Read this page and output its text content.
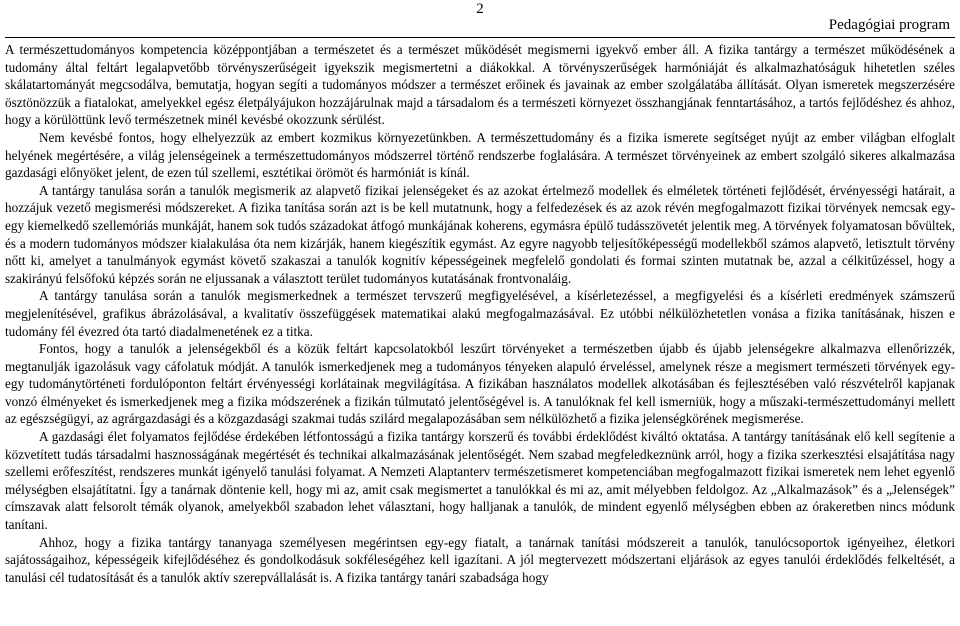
2
Pedagógiai program

A természettudományos kompetencia középpontjában a természetet és a természet működését megismerni igyekvő ember áll. A fizika tantárgy a természet működésének a tudomány által feltárt legalapvetőbb törvényszerűségeit igyekszik megismertetni a diákokkal. A törvényszerűségek harmóniáját és alkalmazhatóságuk hihetetlen széles skálatartományát megcsodálva, bemutatja, hogyan segíti a tudományos módszer a természet erőinek és javainak az ember szolgálatába állítását. Olyan ismeretek megszerzésére ösztönözzük a fiatalokat, amelyekkel egész életpályájukon hozzájárulnak majd a társadalom és a természeti környezet összhangjának fenntartásához, a tartós fejlődéshez és ahhoz, hogy a körülöttünk levő természetnek minél kevésbé okozzunk sérülést.

Nem kevésbé fontos, hogy elhelyezzük az embert kozmikus környezetünkben. A természettudomány és a fizika ismerete segítséget nyújt az ember világban elfoglalt helyének megértésére, a világ jelenségeinek a természettudományos módszerrel történő rendszerbe foglalására. A természet törvényeinek az embert szolgáló sikeres alkalmazása gazdasági előnyöket jelent, de ezen túl szellemi, esztétikai örömöt és harmóniát is kínál.

A tantárgy tanulása során a tanulók megismerik az alapvető fizikai jelenségeket és az azokat értelmező modellek és elméletek történeti fejlődését, érvényességi határait, a hozzájuk vezető megismerési módszereket. A fizika tanítása során azt is be kell mutatnunk, hogy a felfedezések és az azok révén megfogalmazott fizikai törvények nemcsak egy-egy kiemelkedő szellemóriás munkáját, hanem sok tudós századokat átfogó munkájának koherens, egymásra épülő tudásszövetét jelentik meg. A törvények folyamatosan bővültek, és a modern tudományos módszer kialakulása óta nem kizárják, hanem kiegészítik egymást. Az egyre nagyobb teljesítőképességű modellekből számos alapvető, letisztult törvény nőtt ki, amelyet a tanulmányok egymást követő szakaszai a tanulók kognitív képességeinek megfelelő gondolati és formai szinten mutatnak be, azzal a célkitűzéssel, hogy a szakirányú felsőfokú képzés során ne eljussanak a választott terület tudományos kutatásának frontvonaláig.

A tantárgy tanulása során a tanulók megismerkednek a természet tervszerű megfigyelésével, a kísérletezéssel, a megfigyelési és a kísérleti eredmények számszerű megjelenítésével, grafikus ábrázolásával, a kvalitatív összefüggések matematikai alakú megfogalmazásával. Ez utóbbi nélkülözhetetlen vonása a fizika tanításának, hiszen e tudomány fél évezred óta tartó diadalmenetének ez a titka.

Fontos, hogy a tanulók a jelenségekből és a közük feltárt kapcsolatokból leszűrt törvényeket a természetben újabb és újabb jelenségekre alkalmazva ellenőrizzék, megtanulják igazolásuk vagy cáfolatuk módját. A tanulók ismerkedjenek meg a tudományos tényeken alapuló érveléssel, amelynek része a megismert természeti törvények egy-egy tudománytörténeti fordulóponton feltárt érvényességi korlátainak megvilágítása. A fizikában használatos modellek alkotásában és fejlesztésében való részvételről kapjanak vonzó élményeket és ismerkedjenek meg a fizika módszerének a fizikán túlmutató jelentőségével is. A tanulóknak fel kell ismerniük, hogy a műszaki-természettudományi mellett az egészségügyi, az agrárgazdasági és a közgazdasági szakmai tudás szilárd megalapozásában sem nélkülözhető a fizika jelenségkörének megismerése.

A gazdasági élet folyamatos fejlődése érdekében létfontosságú a fizika tantárgy korszerű és további érdeklődést kiváltó oktatása. A tantárgy tanításának elő kell segítenie a közvetített tudás társadalmi hasznosságának megértését és technikai alkalmazásának jelentőségét. Nem szabad megfeledkeznünk arról, hogy a fizika szerkesztési elsajátítása nagy szellemi erőfeszítést, rendszeres munkát igényelő tanulási folyamat. A Nemzeti Alaptanterv természetismeret kompetenciában megfogalmazott fizikai ismeretek nem lehet egyenlő mélységben elsajátítatni. Így a tanárnak döntenie kell, hogy mi az, amit csak megismertet a tanulókkal és mi az, amit mélyebben feldolgoz. Az „Alkalmazások” és a „Jelenségek” címszavak alatt felsorolt témák olyanok, amelyekből szabadon lehet választani, hogy halljanak a tanulók, de mindent egyenlő mélységben ebben az órakeretben nincs módunk tanítani.

Ahhoz, hogy a fizika tantárgy tananyaga személyesen megérintsen egy-egy fiatalt, a tanárnak tanítási módszereit a tanulók, tanulócsoportok igényeihez, életkori sajátosságaihoz, képességeik kifejlődéséhez és gondolkodásuk sokféleségéhez kell igazítani. A jól megtervezett módszertani eljárások az egyes tanulói érdeklődés felkeltését, a tanulási cél tudatosítását és a tanulók aktív szerepvállalását is. A fizika tantárgy tanári szabadsága hogy
